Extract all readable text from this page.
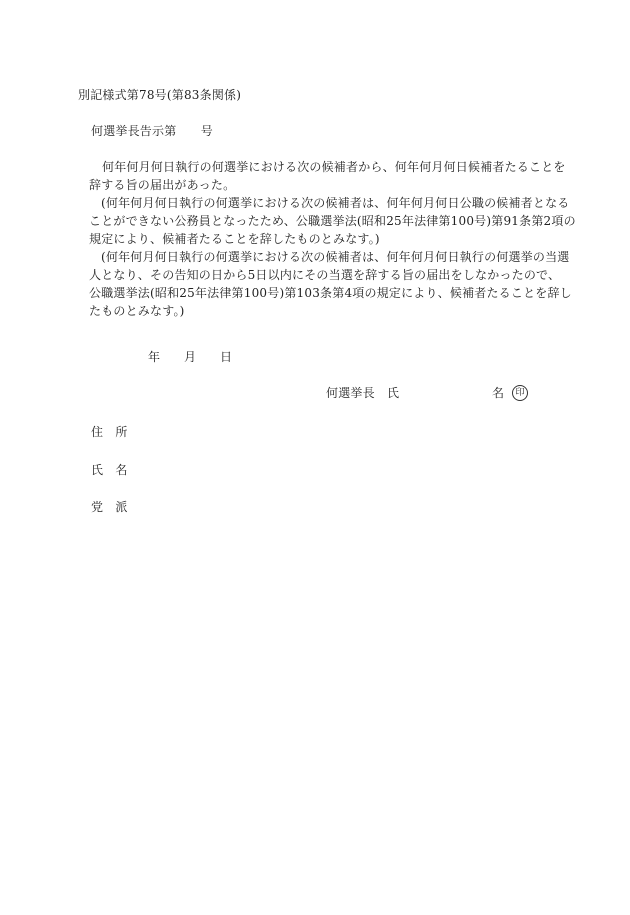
別記様式第78号(第83条関係)
何選挙長告示第　　号
何年何月何日執行の何選挙における次の候補者から、何年何月何日候補者たることを
辞する旨の届出があった。
(何年何月何日執行の何選挙における次の候補者は、何年何月何日公職の候補者となる
ことができない公務員となったため、公職選挙法(昭和25年法律第100号)第91条第2項の
規定により、候補者たることを辞したものとみなす。)
(何年何月何日執行の何選挙における次の候補者は、何年何月何日執行の何選挙の当選
人となり、その告知の日から5日以内にその当選を辞する旨の届出をしなかったので、
公職選挙法(昭和25年法律第100号)第103条第4項の規定により、候補者たることを辞し
たものとみなす。)
年 月 日
何選挙長　氏	名	印
住　所
氏　名
党　派
